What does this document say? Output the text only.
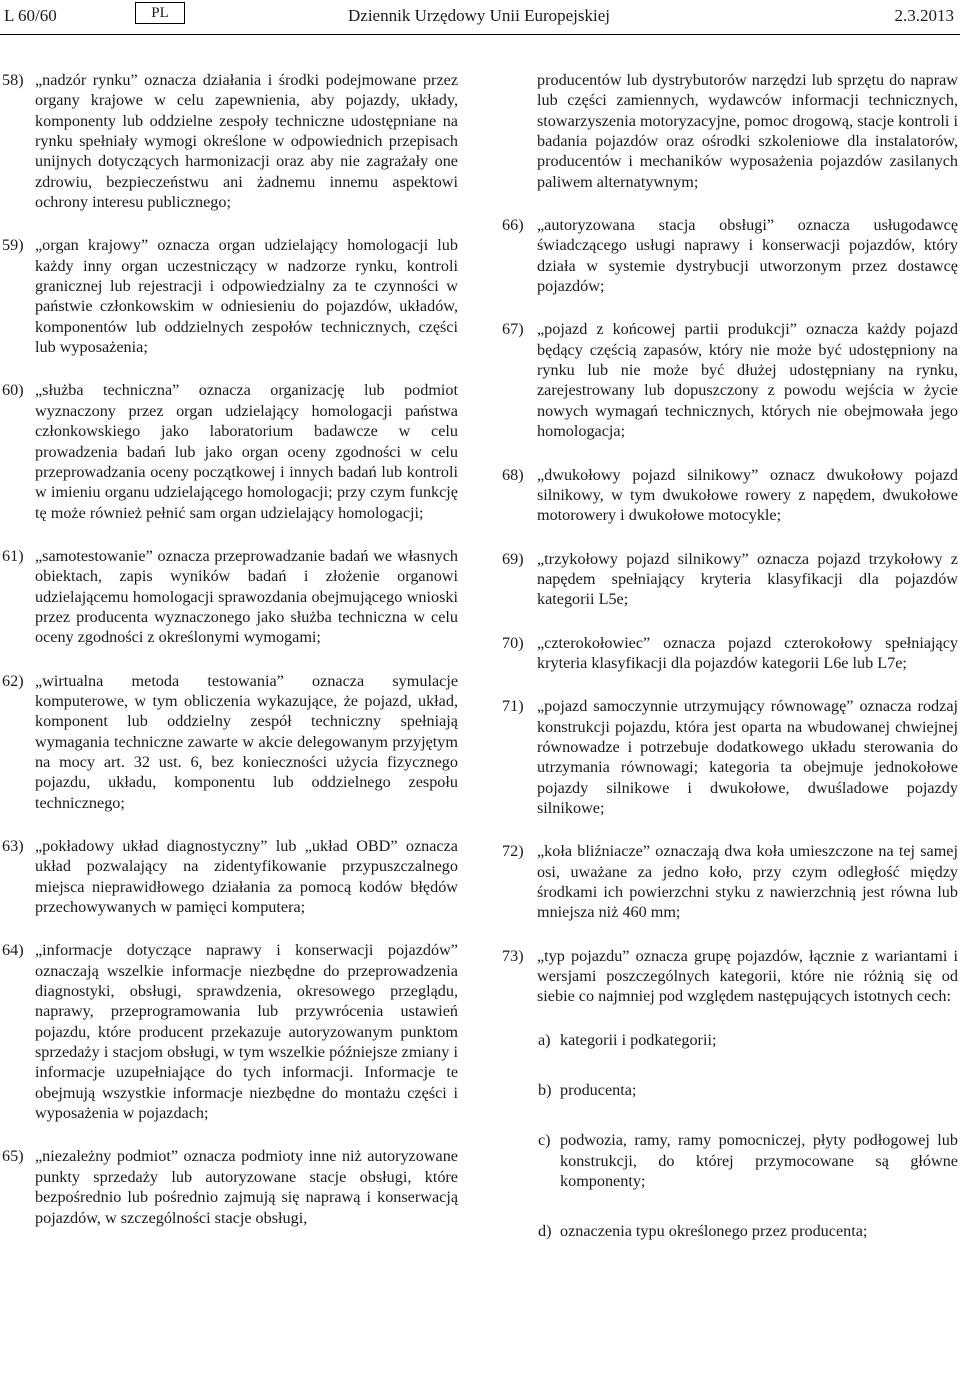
L 60/60	PL	Dziennik Urzędowy Unii Europejskiej	2.3.2013
58) „nadzór rynku” oznacza działania i środki podejmowane przez organy krajowe w celu zapewnienia, aby pojazdy, układy, komponenty lub oddzielne zespoły techniczne udostępniane na rynku spełniały wymogi określone w odpowiednich przepisach unijnych dotyczących harmonizacji oraz aby nie zagrażały one zdrowiu, bezpieczeństwu ani żadnemu innemu aspektowi ochrony interesu publicznego;
59) „organ krajowy” oznacza organ udzielający homologacji lub każdy inny organ uczestniczący w nadzorze rynku, kontroli granicznej lub rejestracji i odpowiedzialny za te czynności w państwie członkowskim w odniesieniu do pojazdów, układów, komponentów lub oddzielnych zespołów technicznych, części lub wyposażenia;
60) „służba techniczna” oznacza organizację lub podmiot wyznaczony przez organ udzielający homologacji państwa członkowskiego jako laboratorium badawcze w celu prowadzenia badań lub jako organ oceny zgodności w celu przeprowadzania oceny początkowej i innych badań lub kontroli w imieniu organu udzielającego homologacji; przy czym funkcję tę może również pełnić sam organ udzielający homologacji;
61) „samotestowanie” oznacza przeprowadzanie badań we własnych obiektach, zapis wyników badań i złożenie organowi udzielającemu homologacji sprawozdania obejmującego wnioski przez producenta wyznaczonego jako służba techniczna w celu oceny zgodności z określonymi wymogami;
62) „wirtualna metoda testowania” oznacza symulacje komputerowe, w tym obliczenia wykazujące, że pojazd, układ, komponent lub oddzielny zespół techniczny spełniają wymagania techniczne zawarte w akcie delegowanym przyjętym na mocy art. 32 ust. 6, bez konieczności użycia fizycznego pojazdu, układu, komponentu lub oddzielnego zespołu technicznego;
63) „pokładowy układ diagnostyczny” lub „układ OBD” oznacza układ pozwalający na zidentyfikowanie przypuszczalnego miejsca nieprawidłowego działania za pomocą kodów błędów przechowywanych w pamięci komputera;
64) „informacje dotyczące naprawy i konserwacji pojazdów” oznaczają wszelkie informacje niezbędne do przeprowadzenia diagnostyki, obsługi, sprawdzenia, okresowego przeglądu, naprawy, przeprogramowania lub przywrócenia ustawień pojazdu, które producent przekazuje autoryzowanym punktom sprzedaży i stacjom obsługi, w tym wszelkie późniejsze zmiany i informacje uzupełniające do tych informacji. Informacje te obejmują wszystkie informacje niezbędne do montażu części i wyposażenia w pojazdach;
65) „niezależny podmiot” oznacza podmioty inne niż autoryzowane punkty sprzedaży lub autoryzowane stacje obsługi, które bezpośrednio lub pośrednio zajmują się naprawą i konserwacją pojazdów, w szczególności stacje obsługi,
producentów lub dystrybutorów narzędzi lub sprzętu do napraw lub części zamiennych, wydawców informacji technicznych, stowarzyszenia motoryzacyjne, pomoc drogową, stacje kontroli i badania pojazdów oraz ośrodki szkoleniowe dla instalatorów, producentów i mechaników wyposażenia pojazdów zasilanych paliwem alternatywnym;
66) „autoryzowana stacja obsługi” oznacza usługodawcę świadczącego usługi naprawy i konserwacji pojazdów, który działa w systemie dystrybucji utworzonym przez dostawcę pojazdów;
67) „pojazd z końcowej partii produkcji” oznacza każdy pojazd będący częścią zapasów, który nie może być udostępniony na rynku lub nie może być dłużej udostępniany na rynku, zarejestrowany lub dopuszczony z powodu wejścia w życie nowych wymagań technicznych, których nie obejmowała jego homologacja;
68) „dwukołowy pojazd silnikowy” oznacz dwukołowy pojazd silnikowy, w tym dwukołowe rowery z napędem, dwukołowe motorowery i dwukołowe motocykle;
69) „trzykołowy pojazd silnikowy” oznacza pojazd trzykołowy z napędem spełniający kryteria klasyfikacji dla pojazdów kategorii L5e;
70) „czterokołowiec” oznacza pojazd czterokołowy spełniający kryteria klasyfikacji dla pojazdów kategorii L6e lub L7e;
71) „pojazd samoczynnie utrzymujący równowagę” oznacza rodzaj konstrukcji pojazdu, która jest oparta na wbudowanej chwiejnej równowadze i potrzebuje dodatkowego układu sterowania do utrzymania równowagi; kategoria ta obejmuje jednokołowe pojazdy silnikowe i dwukołowe, dwuśladowe pojazdy silnikowe;
72) „koła bliźniacze” oznaczają dwa koła umieszczone na tej samej osi, uważane za jedno koło, przy czym odległość między środkami ich powierzchni styku z nawierzchnią jest równa lub mniejsza niż 460 mm;
73) „typ pojazdu” oznacza grupę pojazdów, łącznie z wariantami i wersjami poszczególnych kategorii, które nie różnią się od siebie co najmniej pod względem następujących istotnych cech:
a) kategorii i podkategorii;
b) producenta;
c) podwozia, ramy, ramy pomocniczej, płyty podłogowej lub konstrukcji, do której przymocowane są główne komponenty;
d) oznaczenia typu określonego przez producenta;
